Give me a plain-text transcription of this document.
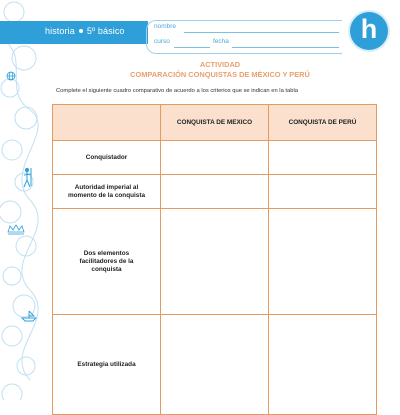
historia 5º básico	nombre
curso	fecha	h
ACTIVIDAD
COMPARACIÓN CONQUISTAS DE MÉXICO Y PERÚ
Complete el siguiente cuadro comparativo de acuerdo a los criterios que se indican en la tabla
	CONQUISTA DE MEXICO	CONQUISTA DE PERÚ
Conquistador		
Autoridad imperial al momento de la conquista		
Dos elementos facilitadores de la conquista		
Estrategia utilizada		
